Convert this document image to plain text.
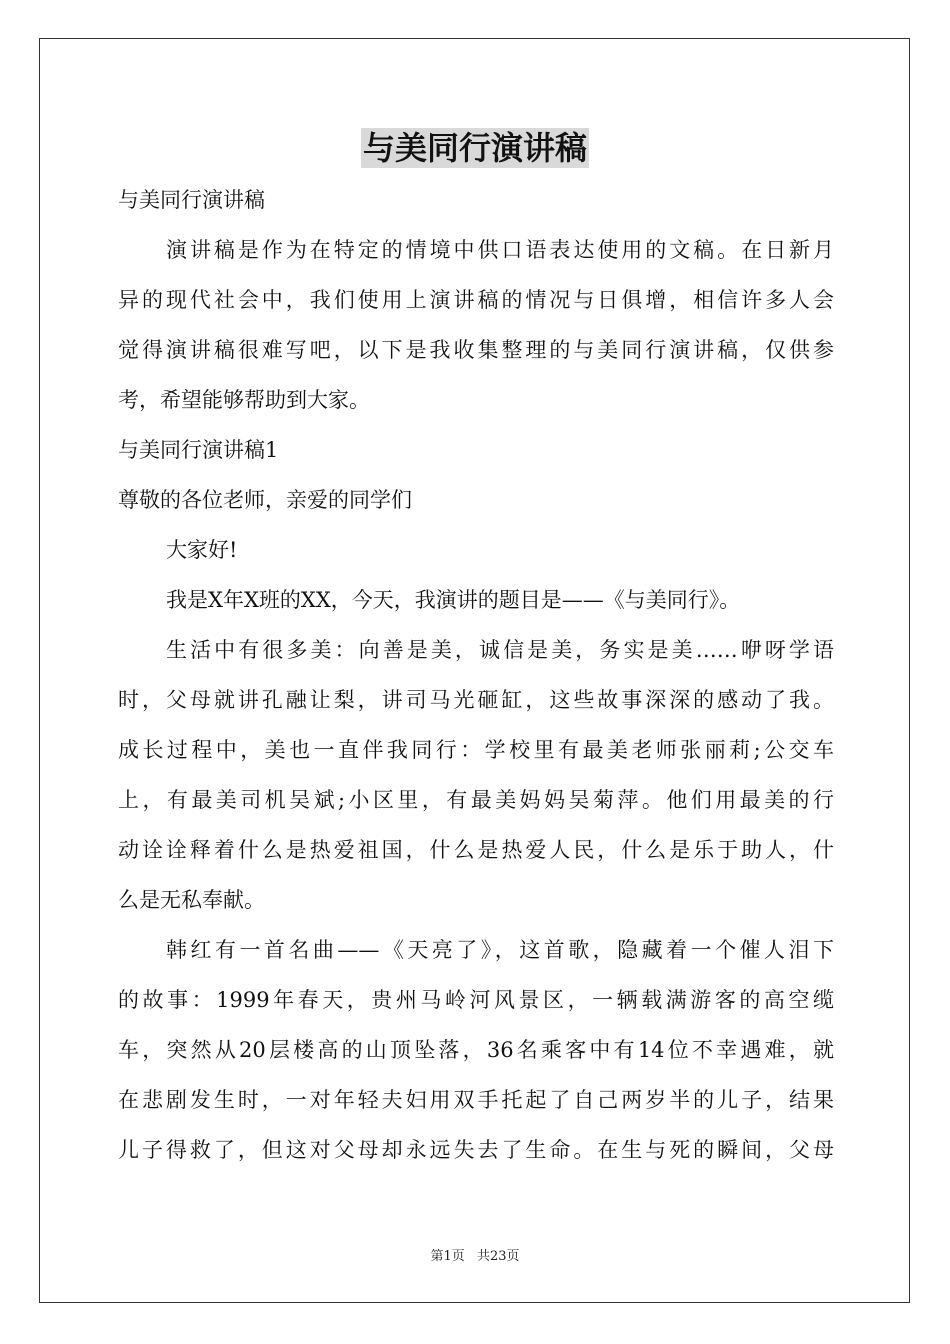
与美同行演讲稿
与美同行演讲稿
演讲稿是作为在特定的情境中供口语表达使用的文稿。在日新月
异的现代社会中，我们使用上演讲稿的情况与日俱增，相信许多人会
觉得演讲稿很难写吧，以下是我收集整理的与美同行演讲稿，仅供参
考，希望能够帮助到大家。
与美同行演讲稿1
尊敬的各位老师，亲爱的同学们
大家好!
我是X年X班的XX，今天，我演讲的题目是——《与美同行》。
生活中有很多美：向善是美，诚信是美，务实是美……咿呀学语
时，父母就讲孔融让梨，讲司马光砸缸，这些故事深深的感动了我。
成长过程中，美也一直伴我同行：学校里有最美老师张丽莉;公交车
上，有最美司机吴斌;小区里，有最美妈妈吴菊萍。他们用最美的行
动诠诠释着什么是热爱祖国，什么是热爱人民，什么是乐于助人，什
么是无私奉献。
韩红有一首名曲——《天亮了》，这首歌，隐藏着一个催人泪下
的故事：1999年春天，贵州马岭河风景区，一辆载满游客的高空缆
车，突然从20层楼高的山顶坠落，36名乘客中有14位不幸遇难，就
在悲剧发生时，一对年轻夫妇用双手托起了自己两岁半的儿子，结果
儿子得救了，但这对父母却永远失去了生命。在生与死的瞬间，父母
第1页 共23页
